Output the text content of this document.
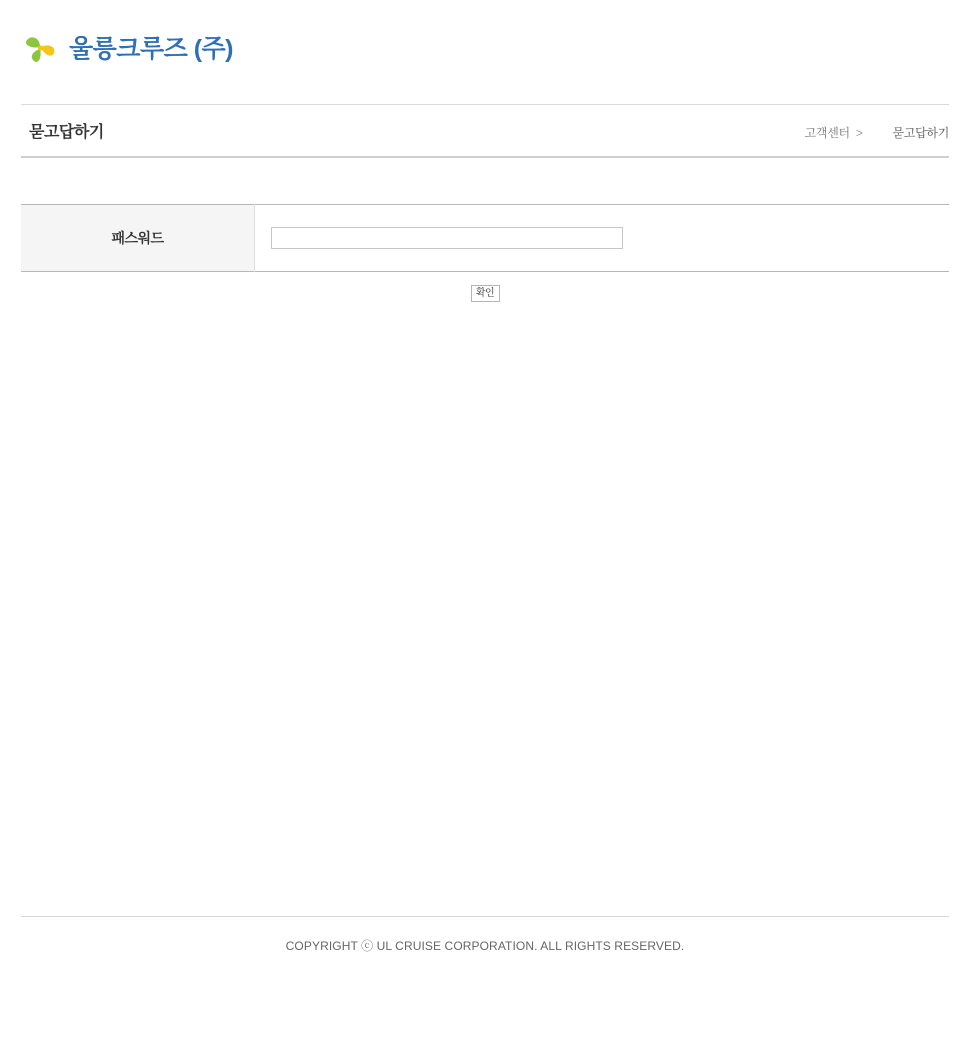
울릉크루즈 (주)
묻고답하기	고객센터 >	묻고답하기
패스워드	
확인
COPYRIGHT ⓒ UL CRUISE CORPORATION. ALL RIGHTS RESERVED.
